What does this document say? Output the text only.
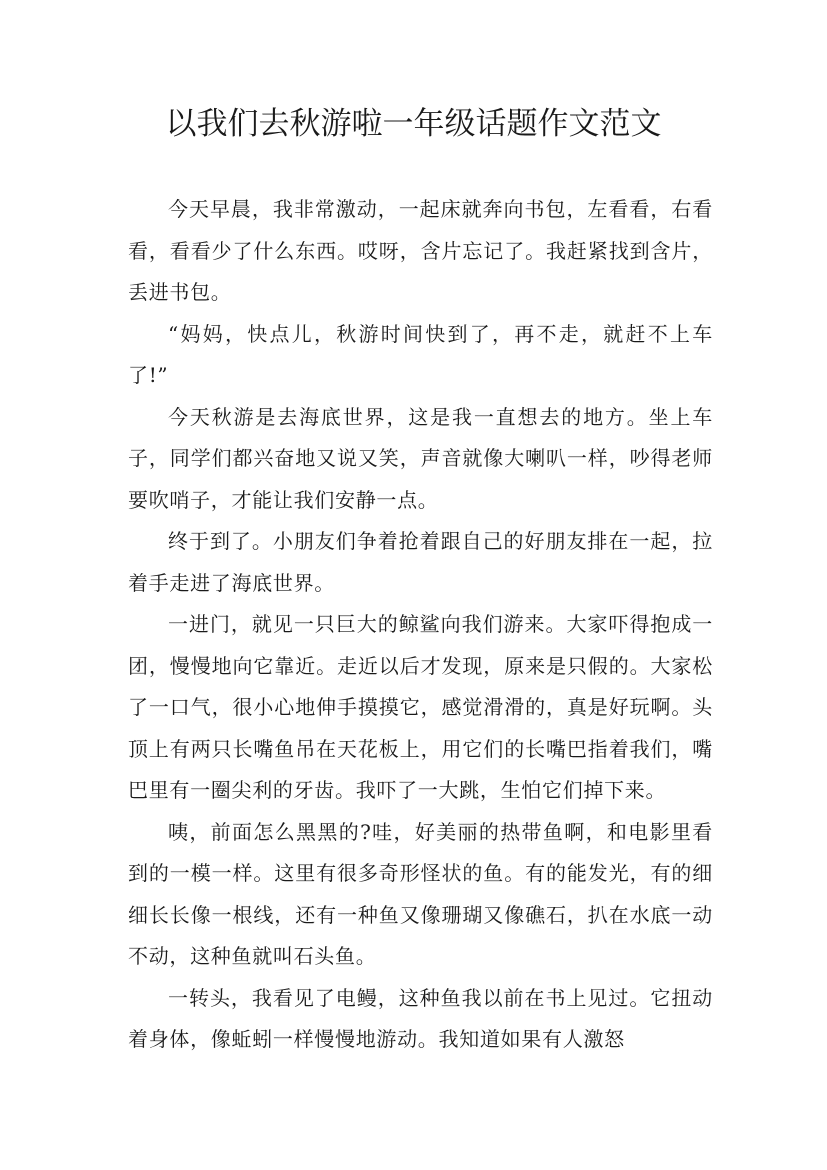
以我们去秋游啦一年级话题作文范文

今天早晨，我非常激动，一起床就奔向书包，左看看，右看看，看看少了什么东西。哎呀，含片忘记了。我赶紧找到含片，丢进书包。

“妈妈，快点儿，秋游时间快到了，再不走，就赶不上车了!”

今天秋游是去海底世界，这是我一直想去的地方。坐上车子，同学们都兴奋地又说又笑，声音就像大喇叭一样，吵得老师要吹哨子，才能让我们安静一点。

终于到了。小朋友们争着抢着跟自己的好朋友排在一起，拉着手走进了海底世界。

一进门，就见一只巨大的鲸鲨向我们游来。大家吓得抱成一团，慢慢地向它靠近。走近以后才发现，原来是只假的。大家松了一口气，很小心地伸手摸摸它，感觉滑滑的，真是好玩啊。头顶上有两只长嘴鱼吊在天花板上，用它们的长嘴巴指着我们，嘴巴里有一圈尖利的牙齿。我吓了一大跳，生怕它们掉下来。

咦，前面怎么黑黑的?哇，好美丽的热带鱼啊，和电影里看到的一模一样。这里有很多奇形怪状的鱼。有的能发光，有的细细长长像一根线，还有一种鱼又像珊瑚又像礁石，扒在水底一动不动，这种鱼就叫石头鱼。

一转头，我看见了电鳗，这种鱼我以前在书上见过。它扭动着身体，像蚯蚓一样慢慢地游动。我知道如果有人激怒
